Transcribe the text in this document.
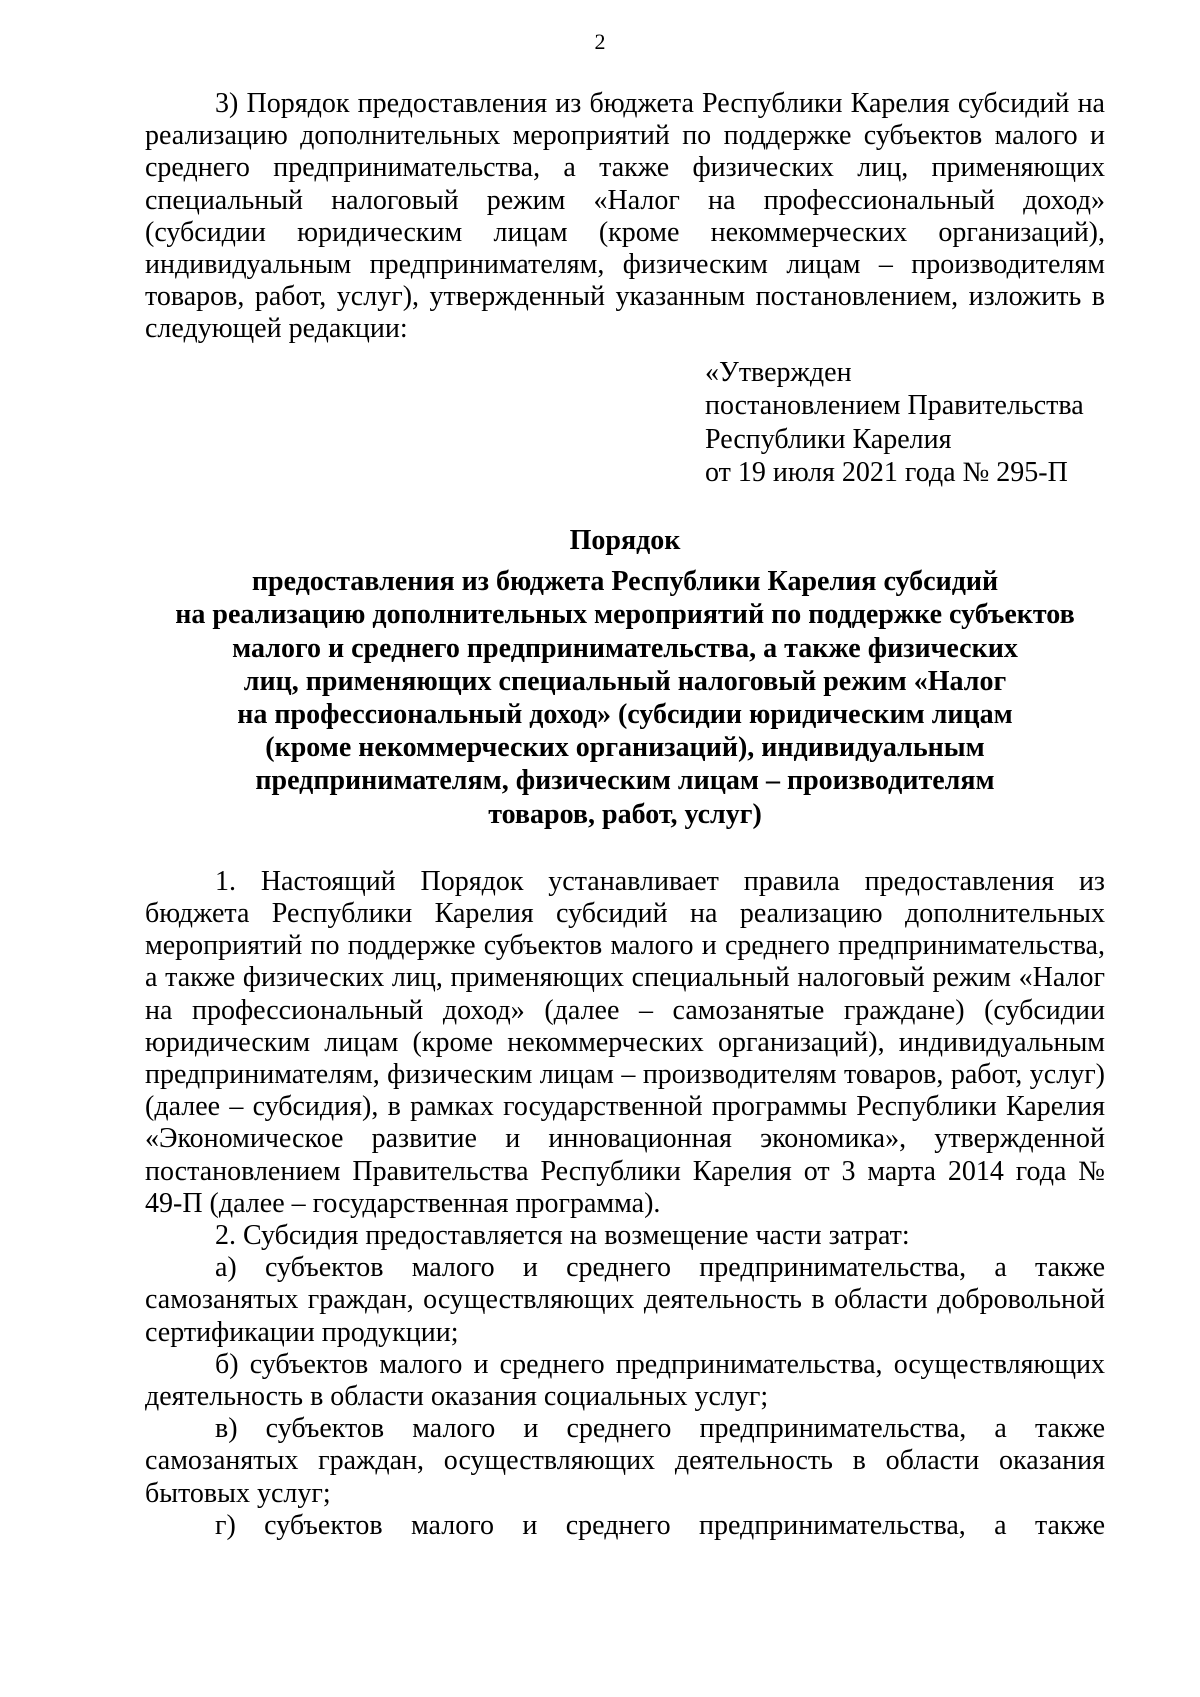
2

3) Порядок предоставления из бюджета Республики Карелия субсидий на реализацию дополнительных мероприятий по поддержке субъектов малого и среднего предпринимательства, а также физических лиц, применяющих специальный налоговый режим «Налог на профессиональный доход» (субсидии юридическим лицам (кроме некоммерческих организаций), индивидуальным предпринимателям, физическим лицам – производителям товаров, работ, услуг), утвержденный указанным постановлением, изложить в следующей редакции:

«Утвержден
постановлением Правительства
Республики Карелия
от 19 июля 2021 года № 295-П
Порядок
предоставления из бюджета Республики Карелия субсидий
на реализацию дополнительных мероприятий по поддержке субъектов
малого и среднего предпринимательства, а также физических
лиц, применяющих специальный налоговый режим «Налог
на профессиональный доход» (субсидии юридическим лицам
(кроме некоммерческих организаций), индивидуальным
предпринимателям, физическим лицам – производителям
товаров, работ, услуг)

1. Настоящий Порядок устанавливает правила предоставления из бюджета Республики Карелия субсидий на реализацию дополнительных мероприятий по поддержке субъектов малого и среднего предпринимательства, а также физических лиц, применяющих специальный налоговый режим «Налог на профессиональный доход» (далее – самозанятые граждане) (субсидии юридическим лицам (кроме некоммерческих организаций), индивидуальным предпринимателям, физическим лицам – производителям товаров, работ, услуг) (далее – субсидия), в рамках государственной программы Республики Карелия «Экономическое развитие и инновационная экономика», утвержденной постановлением Правительства Республики Карелия от 3 марта 2014 года № 49-П (далее – государственная программа).

2. Субсидия предоставляется на возмещение части затрат:

а) субъектов малого и среднего предпринимательства, а также самозанятых граждан, осуществляющих деятельность в области добровольной сертификации продукции;

б) субъектов малого и среднего предпринимательства, осуществляющих деятельность в области оказания социальных услуг;

в) субъектов малого и среднего предпринимательства, а также самозанятых граждан, осуществляющих деятельность в области оказания бытовых услуг;

г) субъектов малого и среднего предпринимательства, а также
